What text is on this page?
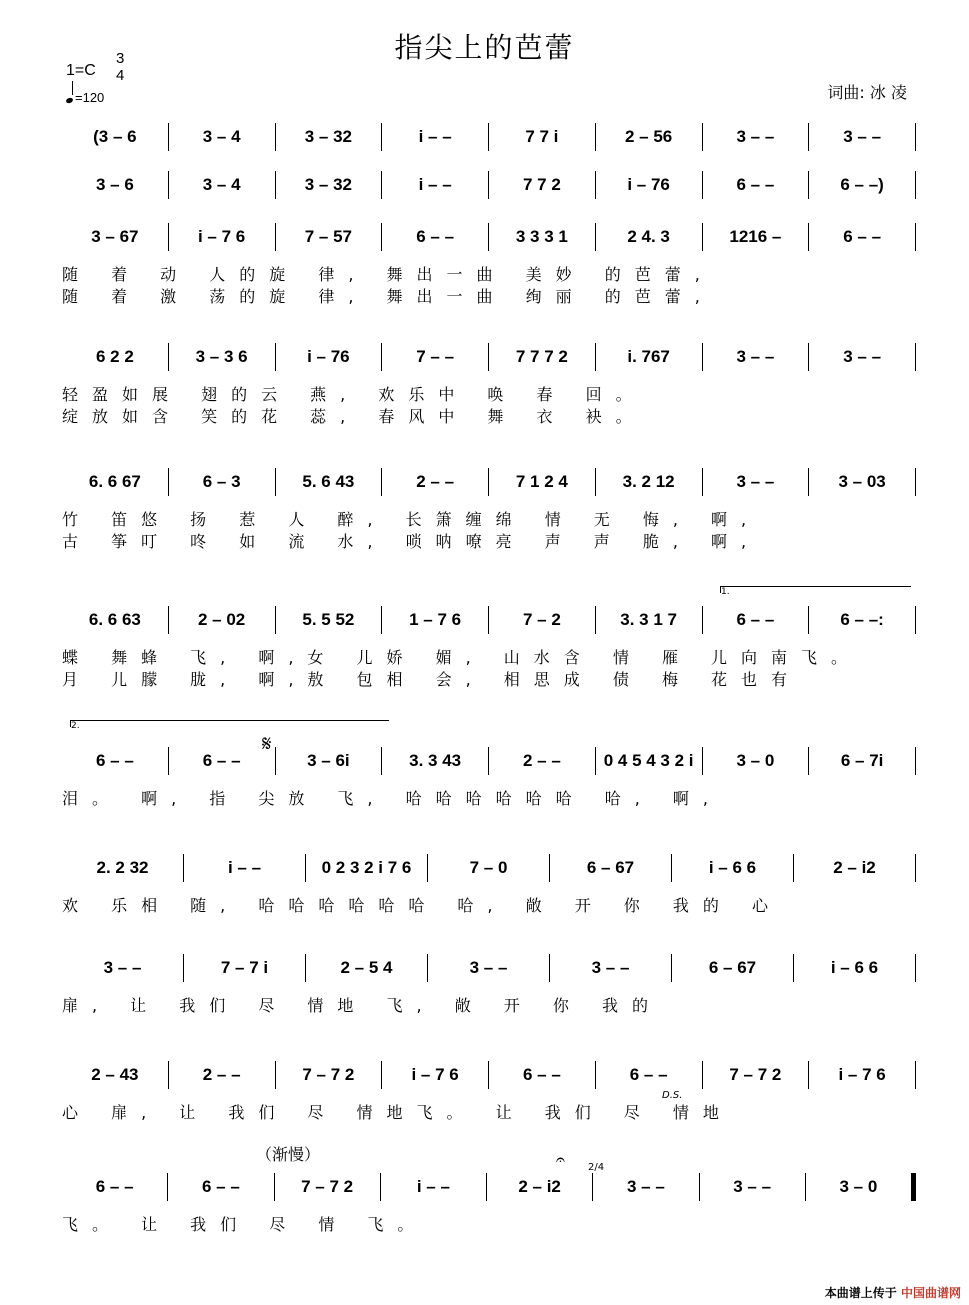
指尖上的芭蕾
1=C
3
4
=120	词曲: 冰 凌
(3 – 6	3 – 4	3 – 32	i – –	7 7 i	2 – 56	3 – –	3 – –
3 – 6	3 – 4	3 – 32	i – –	7 7 2	i – 76	6 – –	6 – –)
3 – 67	i – 7 6	7 – 57	6 – –	3 3 3 1	2 4. 3	1216 –	6 – –
随 着 动 人的旋 律, 舞出一曲 美妙 的芭蕾,
随 着 激 荡的旋 律, 舞出一曲 绚丽 的芭蕾,
6 2 2	3 – 3 6	i – 76	7 – –	7 7 7 2	i. 767	3 – –	3 – –
轻盈如展 翅的云 燕, 欢乐中 唤 春 回。
绽放如含 笑的花 蕊, 春风中 舞 衣 袂。
6. 6 67	6 – 3	5. 6 43	2 – –	7 1 2 4	3. 2 12	3 – –	3 – 03
竹 笛悠 扬 惹 人 醉, 长箫缠绵 情 无 悔, 啊,
古 筝叮 咚 如 流 水, 唢呐嘹亮 声 声 脆, 啊,
6. 6 63	2 – 02	5. 5 52	1 – 7 6	7 – 2	3. 3 1 7	6 – –	6 – –:
蝶 舞蜂 飞, 啊,女 儿娇 媚, 山水含 情 雁 儿向南飞。
月 儿朦 胧, 啊,敖 包相 会, 相思成 债 梅 花也有
6 – –	6 – –	3 – 6i	3. 3 43	2 – –	0 4 5 4 3 2 i	3 – 0	6 – 7i
泪。 啊, 指 尖放 飞, 哈哈哈哈哈哈 哈, 啊,
2. 2 32	i – –	0 2 3 2 i 7 6	7 – 0	6 – 67	i – 6 6	2 – i2
欢 乐相 随, 哈哈哈哈哈哈 哈, 敞 开 你 我的 心
3 – –	7 – 7 i	2 – 5 4	3 – –	3 – –	6 – 67	i – 6 6
扉, 让 我们 尽 情地 飞, 敞 开 你 我的
2 – 43	2 – –	7 – 7 2	i – 7 6	6 – –	6 – –	7 – 7 2	i – 7 6
心 扉, 让 我们 尽 情地飞。 让 我们 尽 情地
6 – –	6 – –	7 – 7 2	i – –	2 – i2	3 – –	3 – –	3 – 0
飞。 让 我们 尽 情 飞。
𝄋
D.S.
（渐慢）	𝄐 2/4
1.
2.
本曲谱上传于 中国曲谱网
